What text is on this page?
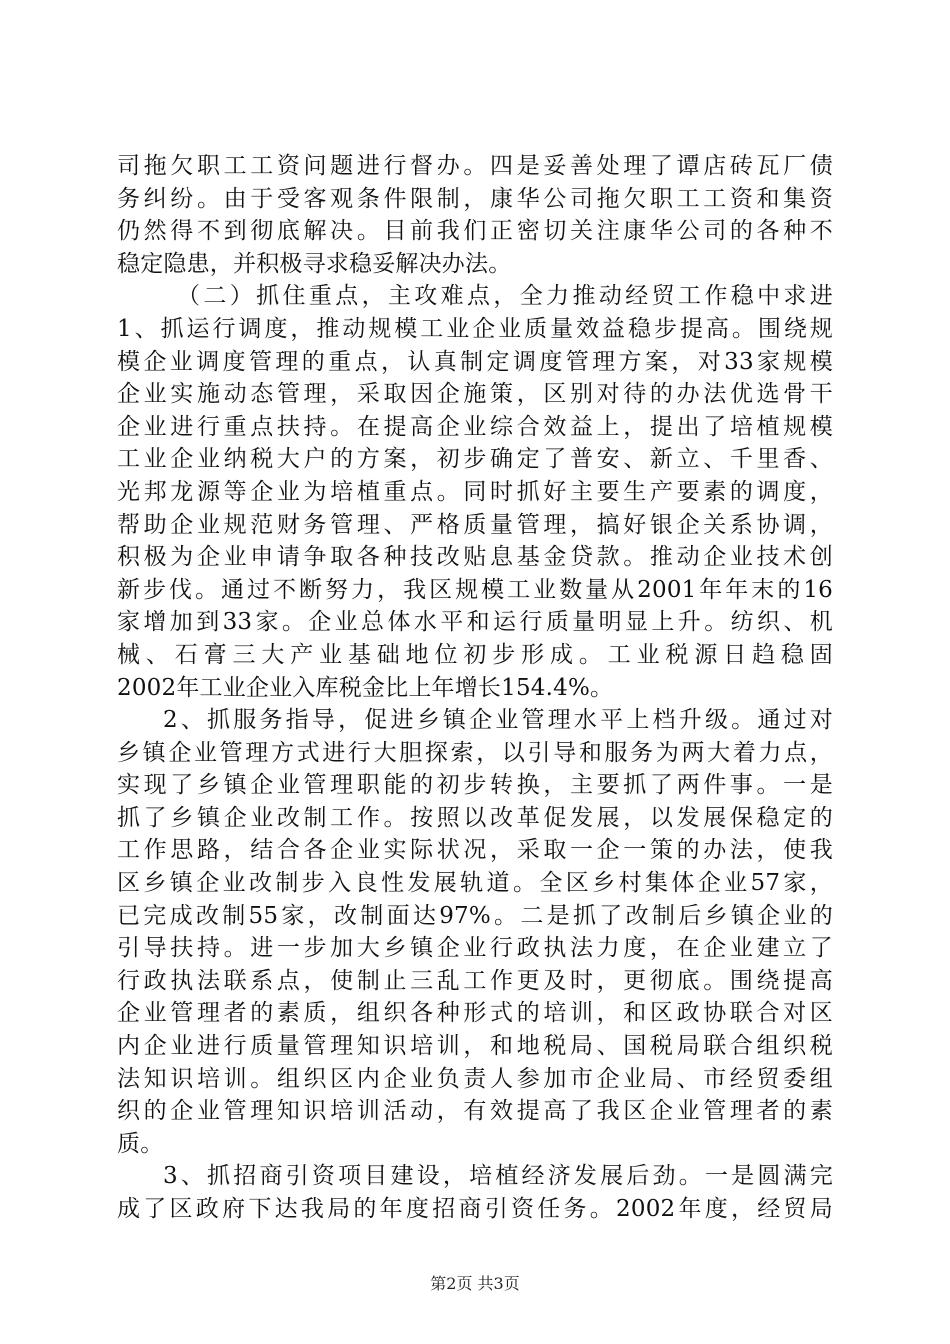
司拖欠职工工资问题进行督办。四是妥善处理了谭店砖瓦厂债
务纠纷。由于受客观条件限制，康华公司拖欠职工工资和集资
仍然得不到彻底解决。目前我们正密切关注康华公司的各种不
稳定隐患，并积极寻求稳妥解决办法。
（二）抓住重点，主攻难点，全力推动经贸工作稳中求进
1、抓运行调度，推动规模工业企业质量效益稳步提高。围绕规
模企业调度管理的重点，认真制定调度管理方案，对33家规模
企业实施动态管理，采取因企施策，区别对待的办法优选骨干
企业进行重点扶持。在提高企业综合效益上，提出了培植规模
工业企业纳税大户的方案，初步确定了普安、新立、千里香、
光邦龙源等企业为培植重点。同时抓好主要生产要素的调度，
帮助企业规范财务管理、严格质量管理，搞好银企关系协调，
积极为企业申请争取各种技改贴息基金贷款。推动企业技术创
新步伐。通过不断努力，我区规模工业数量从2001年年末的16
家增加到33家。企业总体水平和运行质量明显上升。纺织、机
械、石膏三大产业基础地位初步形成。工业税源日趋稳固
2002年工业企业入库税金比上年增长154.4%。
2、抓服务指导，促进乡镇企业管理水平上档升级。通过对
乡镇企业管理方式进行大胆探索，以引导和服务为两大着力点，
实现了乡镇企业管理职能的初步转换，主要抓了两件事。一是
抓了乡镇企业改制工作。按照以改革促发展，以发展保稳定的
工作思路，结合各企业实际状况，采取一企一策的办法，使我
区乡镇企业改制步入良性发展轨道。全区乡村集体企业57家，
已完成改制55家，改制面达97%。二是抓了改制后乡镇企业的
引导扶持。进一步加大乡镇企业行政执法力度，在企业建立了
行政执法联系点，使制止三乱工作更及时，更彻底。围绕提高
企业管理者的素质，组织各种形式的培训，和区政协联合对区
内企业进行质量管理知识培训，和地税局、国税局联合组织税
法知识培训。组织区内企业负责人参加市企业局、市经贸委组
织的企业管理知识培训活动，有效提高了我区企业管理者的素
质。
3、抓招商引资项目建设，培植经济发展后劲。一是圆满完
成了区政府下达我局的年度招商引资任务。2002年度，经贸局
第2页 共3页
